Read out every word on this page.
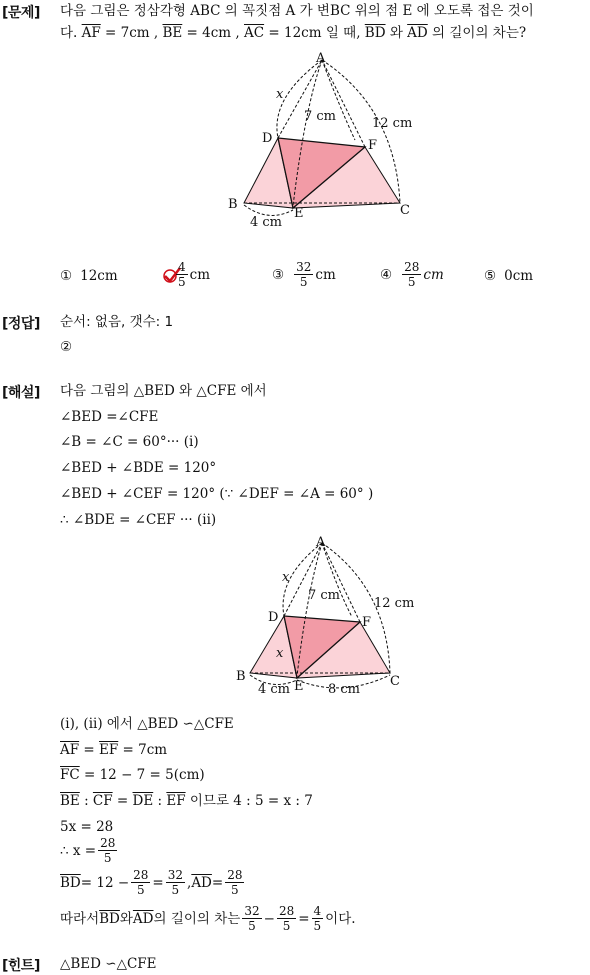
[문제] 다음 그림은 정삼각형 ABC 의 꼭짓점 A 가 변BC 위의 점 E 에 오도록 접은 것이
다. $\overline{AF} = 7cm$ , $\overline{BE} = 4cm$ , $\overline{AC} = 12cm$ 일 때, $\overline{BD}$ 와 $\overline{AD}$ 의 길이의 차는?
A
B	C
D
E
F
x
7 cm	12 cm
4 cm
① 12cm	$\frac{4}{5}$ cm	③ $\frac{32}{5}$ cm	④ $\frac{28}{5}$ cm	⑤ 0cm
[정답] 순서: 없음, 갯수: 1
②
[해설] 다음 그림의 △BED 와 △CFE 에서
∠BED =∠CFE
∠B = ∠C = 60°··· (i)
∠BED + ∠BDE = 120°
∠BED + ∠CEF = 120° (∵ ∠DEF = ∠A = 60° )
∴ ∠BDE = ∠CEF ··· (ii)
A
B	C
D
E
F
x
x
7 cm
12 cm
4 cm	8 cm
(i), (ii) 에서 △BED ∽△CFE
$\overline{AF} = \overline{EF} = 7cm$
$\overline{FC} = 12 - 7 = 5(cm)$
$\overline{BE}$ : $\overline{CF} = \overline{DE}$ : $\overline{EF}$ 이므로 4 : 5 = x : 7
5x = 28
∴ $x = \frac{28}{5}$
$\overline{BD} = 12 - \frac{28}{5} = \frac{32}{5}$ , $\overline{AD} = \frac{28}{5}$
따라서 $\overline{BD}$ 와 $\overline{AD}$ 의 길이의 차는 $\frac{32}{5} - \frac{28}{5} = \frac{4}{5}$ 이다.
[힌트] △BED ∽△CFE
